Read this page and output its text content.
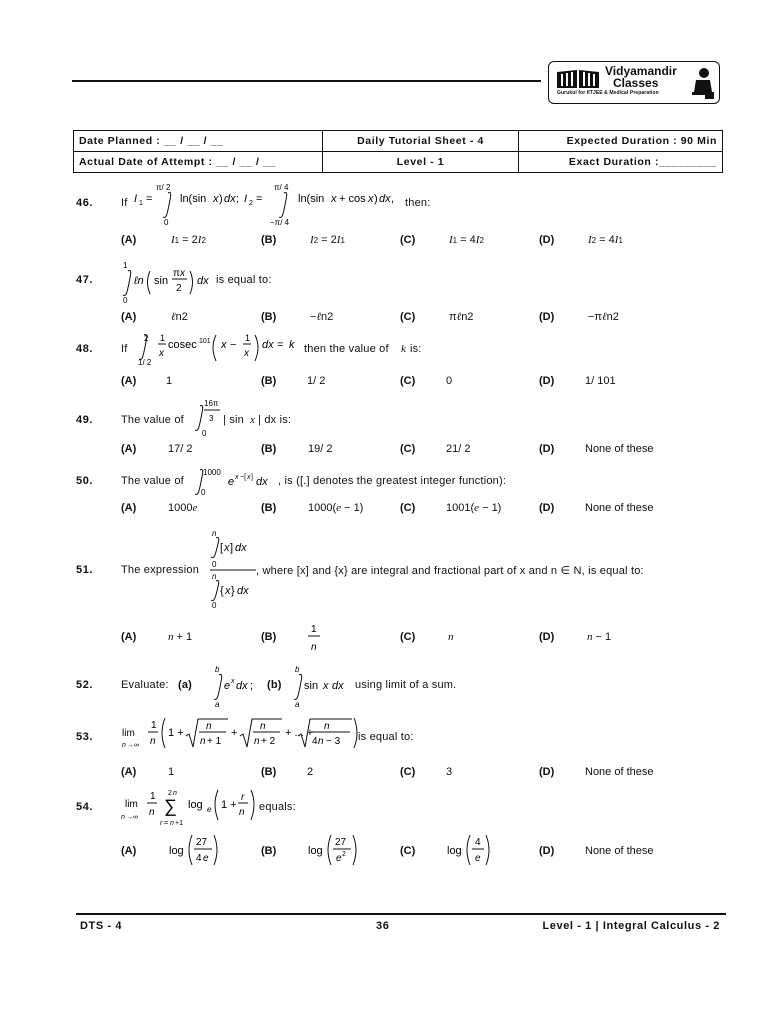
Vidyamandir
Classes
Gurukul for IITJEE & Medical Preparation
Date Planned : __ / __ / __	Daily Tutorial Sheet - 4	Expected Duration : 90 Min
Actual Date of Attempt : __ / __ / __	Level - 1	Exact Duration :_________
46.	If I 1 =
π/ 2
0
ln(sin x ) dx ; I 2 =
π/ 4
−π/ 4
ln(sin x + cos x ) dx , then:
(A)	I1 = 2I2	(B)	I2 = 2I1	(C)	I1 = 4I2	(D)	I2 = 4I1
47.
1
0
ℓn sin
π x
2
dx is equal to:
(A)	ℓn2	(B)	−ℓn2	(C)	πℓn2	(D)	−πℓn2
48.	If
2
1/ 2
1
x
cosec 101 x −
1
x
dx = k then the value of k is:
(A)	1	(B)	1/ 2	(C)	0	(D)	1/ 101
49.	The value of
16π
3
0
| sin x | dx is:
(A)	17/ 2	(B)	19/ 2	(C)	21/ 2	(D)	None of these
50.	The value of
1000
0
e x −[ x ] dx , is ([.] denotes the greatest integer function):
(A)	1000e	(B)	1000(e − 1)	(C)	1001(e − 1)	(D)	None of these
51.	The expression
n
[ x ] dx
0
n
{ x } dx
0
, where [x] and {x} are integral and fractional part of x and n ∈ N, is equal to:
(A)	n + 1	(B)
1
n
(C)	n	(D)	n − 1
52.	Evaluate: (a)
b
a
e x dx ; (b)
b
a
sin x dx using limit of a sum.
53.	lim
n →∞
1
n
1 +
n
n + 1
+
n
n + 2
+ ... +
n
4 n − 3 is equal to:
(A)	1	(B)	2	(C)	3	(D)	None of these
54.	lim
n →∞
1
n
2 n
∑
r = n +1
log e 1 +
r
n equals:
(A)	log
27
4 e
(B)	log
27
e 2	(C)	log
4
e
(D)	None of these
DTS - 4	36	Level - 1 | Integral Calculus - 2
